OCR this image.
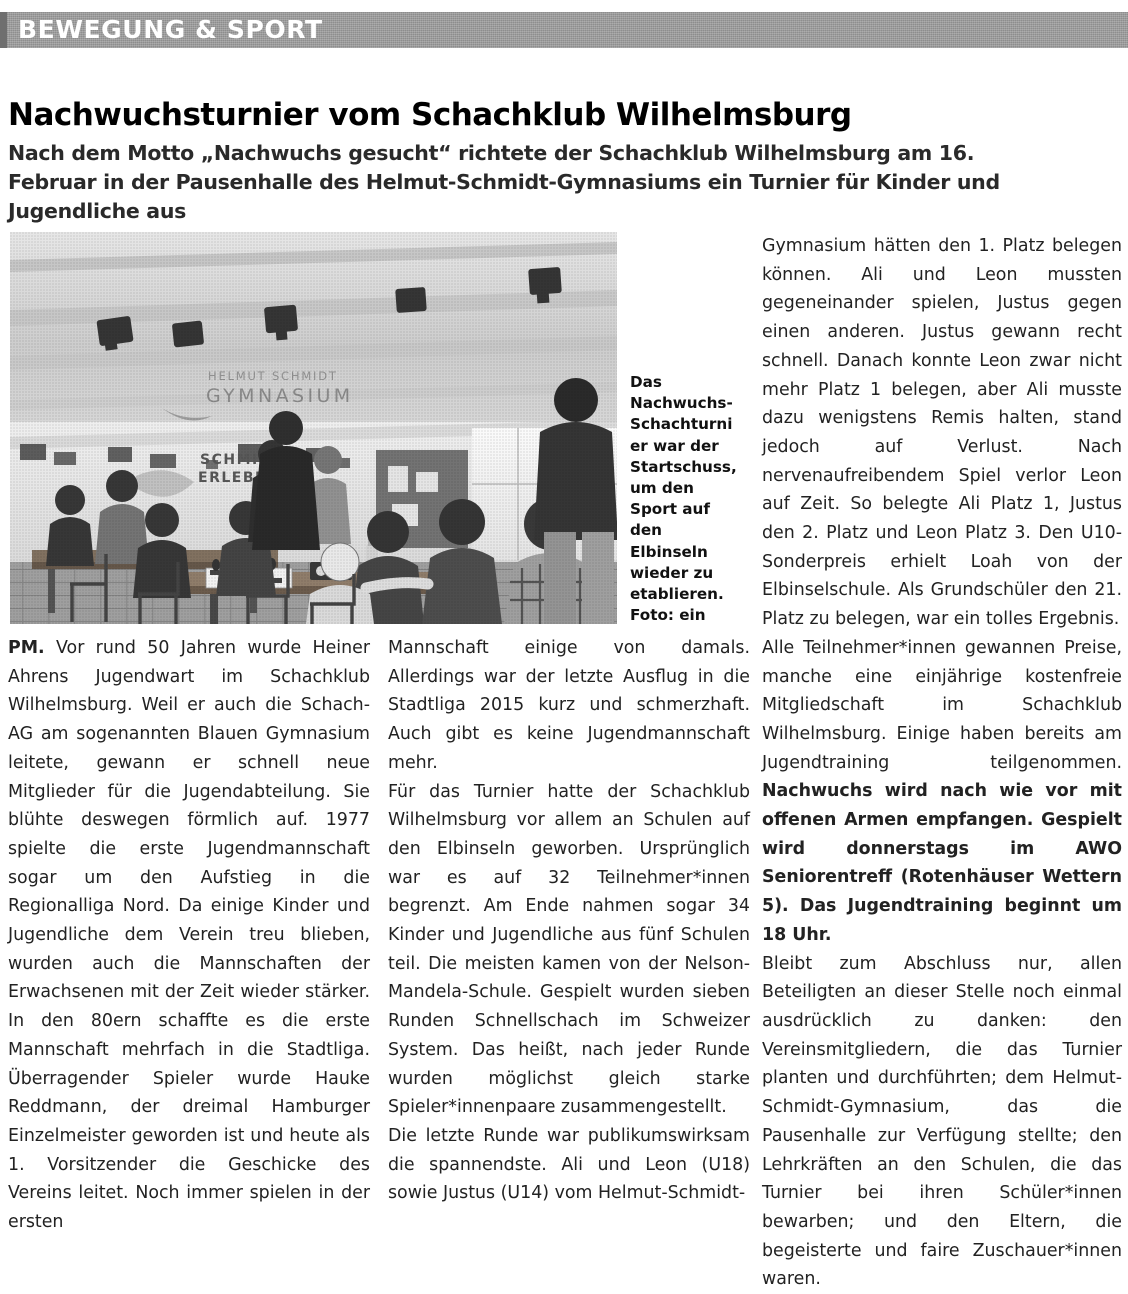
BEWEGUNG & SPORT
Nachwuchsturnier vom Schachklub Wilhelmsburg
Nach dem Motto „Nachwuchs gesucht“ richtete der Schachklub Wilhelmsburg am 16. Februar in der Pausenhalle des Helmut-Schmidt-Gymnasiums ein Turnier für Kinder und Jugendliche aus
Das Nachwuchs-Schachturnier war der Startschuss, um den Sport auf den Elbinseln wieder zu etablieren. Foto: ein

PM. Vor rund 50 Jahren wurde Heiner Ahrens Jugendwart im Schachklub Wilhelmsburg. Weil er auch die Schach-AG am sogenannten Blauen Gymnasium leitete, gewann er schnell neue Mitglieder für die Jugendabteilung. Sie blühte deswegen förmlich auf. 1977 spielte die erste Jugendmannschaft sogar um den Aufstieg in die Regionalliga Nord. Da einige Kinder und Jugendliche dem Verein treu blieben, wurden auch die Mannschaften der Erwachsenen mit der Zeit wieder stärker. In den 80ern schaffte es die erste Mannschaft mehrfach in die Stadtliga. Überragender Spieler wurde Hauke Reddmann, der dreimal Hamburger Einzelmeister geworden ist und heute als 1. Vorsitzender die Geschicke des Vereins leitet. Noch immer spielen in der ersten

Mannschaft einige von damals. Allerdings war der letzte Ausflug in die Stadtliga 2015 kurz und schmerzhaft. Auch gibt es keine Jugendmannschaft mehr.

Für das Turnier hatte der Schachklub Wilhelmsburg vor allem an Schulen auf den Elbinseln geworben. Ursprünglich war es auf 32 Teilnehmer*innen begrenzt. Am Ende nahmen sogar 34 Kinder und Jugendliche aus fünf Schulen teil. Die meisten kamen von der Nelson-Mandela-Schule. Gespielt wurden sieben Runden Schnellschach im Schweizer System. Das heißt, nach jeder Runde wurden möglichst gleich starke Spieler*innenpaare zusammengestellt.

Die letzte Runde war publikumswirksam die spannendste. Ali und Leon (U18) sowie Justus (U14) vom Helmut-Schmidt-

Gymnasium hätten den 1. Platz belegen können. Ali und Leon mussten gegeneinander spielen, Justus gegen einen anderen. Justus gewann recht schnell. Danach konnte Leon zwar nicht mehr Platz 1 belegen, aber Ali musste dazu wenigstens Remis halten, stand jedoch auf Verlust. Nach nervenaufreibendem Spiel verlor Leon auf Zeit. So belegte Ali Platz 1, Justus den 2. Platz und Leon Platz 3. Den U10-Sonderpreis erhielt Loah von der Elbinselschule. Als Grundschüler den 21. Platz zu belegen, war ein tolles Ergebnis.

Alle Teilnehmer*innen gewannen Preise, manche eine einjährige kostenfreie Mitgliedschaft im Schachklub Wilhelmsburg. Einige haben bereits am Jugendtraining teilgenommen. Nachwuchs wird nach wie vor mit offenen Armen empfangen. Gespielt wird donnerstags im AWO Seniorentreff (Rotenhäuser Wettern 5). Das Jugendtraining beginnt um 18 Uhr.

Bleibt zum Abschluss nur, allen Beteiligten an dieser Stelle noch einmal ausdrücklich zu danken: den Vereinsmitgliedern, die das Turnier planten und durchführten; dem Helmut-Schmidt-Gymnasium, das die Pausenhalle zur Verfügung stellte; den Lehrkräften an den Schulen, die das Turnier bei ihren Schüler*innen bewarben; und den Eltern, die begeisterte und faire Zuschauer*innen waren.
